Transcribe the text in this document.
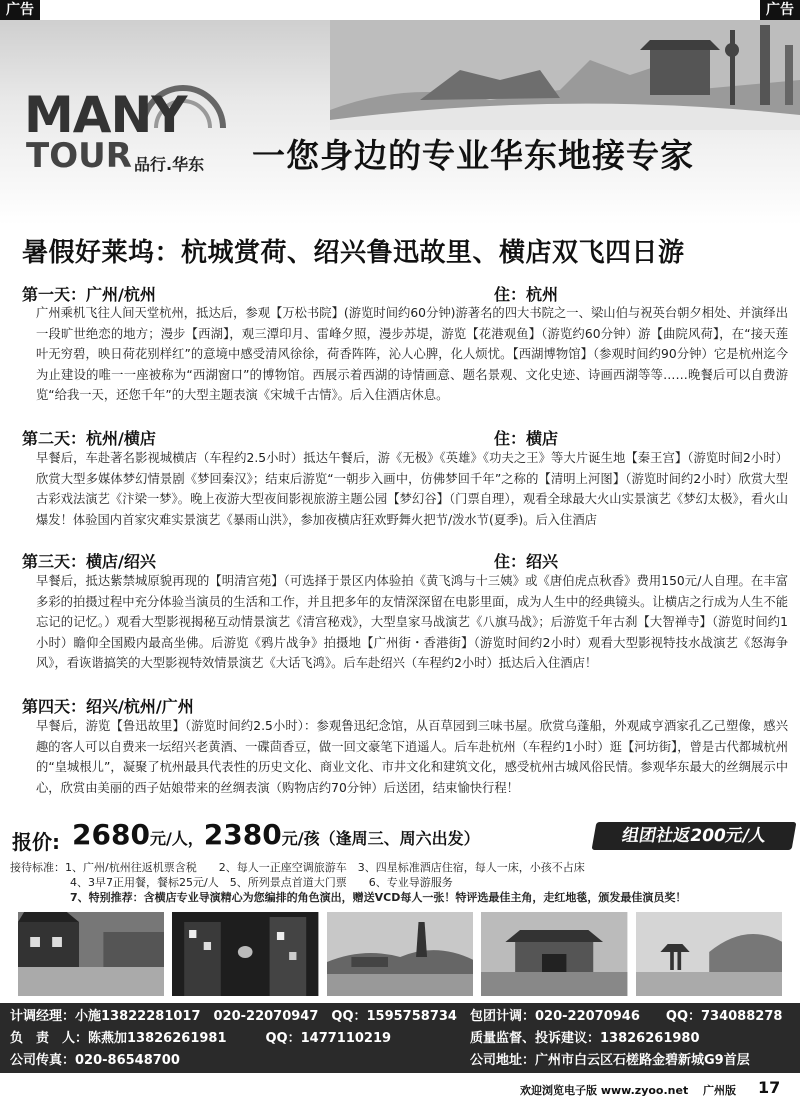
广告	广告
MANY
TOUR 品行.华东 一您身边的专业华东地接专家
暑假好莱坞：杭城赏荷、绍兴鲁迅故里、横店双飞四日游
第一天：广州/杭州	住：杭州
广州乘机飞往人间天堂杭州，抵达后，参观【万松书院】(游览时间约60分钟)游著名的四大书院之一、梁山伯与祝英台朝夕相处、并演绎出一段旷世绝恋的地方；漫步【西湖】，观三潭印月、雷峰夕照，漫步苏堤，游览【花港观鱼】（游览约60分钟）游【曲院风荷】，在“接天莲叶无穷碧，映日荷花别样红”的意境中感受清风徐徐，荷香阵阵，沁人心脾，化人烦忧。【西湖博物馆】（参观时间约90分钟）它是杭州迄今为止建设的唯一一座被称为“西湖窗口”的博物馆。西展示着西湖的诗情画意、题名景观、文化史迹、诗画西湖等等……晚餐后可以自费游览“给我一天，还您千年”的大型主题表演《宋城千古情》。后入住酒店休息。
第二天：杭州/横店	住：横店
早餐后，车赴著名影视城横店（车程约2.5小时）抵达午餐后，游《无极》《英雄》《功夫之王》等大片诞生地【秦王宫】（游览时间2小时）欣赏大型多媒体梦幻情景剧《梦回秦汉》；结束后游览“一朝步入画中，仿佛梦回千年”之称的【清明上河图】（游览时间约2小时）欣赏大型古彩戏法演艺《汴梁一梦》。晚上夜游大型夜间影视旅游主题公园【梦幻谷】（门票自理），观看全球最大火山实景演艺《梦幻太极》，看火山爆发！体验国内首家灾难实景演艺《暴雨山洪》，参加夜横店狂欢野舞火把节/泼水节(夏季)。后入住酒店
第三天：横店/绍兴	住：绍兴
早餐后，抵达紫禁城原貌再现的【明清宫苑】（可选择于景区内体验拍《黄飞鸿与十三姨》或《唐伯虎点秋香》费用150元/人自理。在丰富多彩的拍摄过程中充分体验当演员的生活和工作，并且把多年的友情深深留在电影里面，成为人生中的经典镜头。让横店之行成为人生不能忘记的记忆。）观看大型影视揭秘互动情景演艺《清宫秘戏》，大型皇家马战演艺《八旗马战》；后游览千年古刹【大智禅寺】（游览时间约1小时）瞻仰全国殿内最高坐佛。后游览《鸦片战争》拍摄地【广州街・香港街】（游览时间约2小时）观看大型影视特技水战演艺《怒海争风》，看诙谐搞笑的大型影视特效情景演艺《大话飞鸿》。后车赴绍兴（车程约2小时）抵达后入住酒店！
第四天：绍兴/杭州/广州
早餐后，游览【鲁迅故里】（游览时间约2.5小时）：参观鲁迅纪念馆，从百草园到三味书屋。欣赏乌蓬船，外观咸亨酒家孔乙己塑像，感兴趣的客人可以自费来一坛绍兴老黄酒、一碟茴香豆，做一回文豪笔下逍遥人。后车赴杭州（车程约1小时）逛【河坊街】，曾是古代都城杭州的“皇城根儿”，凝聚了杭州最具代表性的历史文化、商业文化、市井文化和建筑文化，感受杭州古城风俗民情。参观华东最大的丝绸展示中心，欣赏由美丽的西子姑娘带来的丝绸表演（购物店约70分钟）后送团，结束愉快行程！
报价: 2680元/人，2380元/孩（逢周三、周六出发）	组团社返200元/人
接待标准：1、广州/杭州往返机票含税　　2、每人一正座空调旅游车　3、四星标准酒店住宿，每人一床，小孩不占床
4、3早7正用餐，餐标25元/人　5、所列景点首道大门票　　6、专业导游服务
7、特别推荐：含横店专业导演精心为您编排的角色演出，赠送VCD每人一张！特评选最佳主角，走红地毯，颁发最佳演员奖！
计调经理：小施13822281017　020-22070947　QQ：1595758734 包团计调：020-22070946　　QQ：734088278
负　责　人：陈燕加13826261981　　　QQ：1477110219	质量监督、投诉建议：13826261980
公司传真：020-86548700	公司地址：广州市白云区石槎路金碧新城G9首层
欢迎浏览电子版 www.zyoo.net 　广州版 17
